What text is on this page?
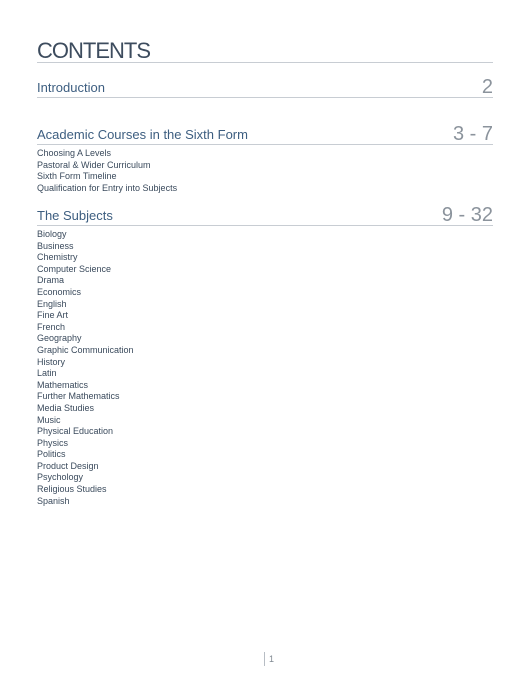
CONTENTS
Introduction	2
Academic Courses in the Sixth Form	3 - 7
Choosing A Levels
Pastoral & Wider Curriculum
Sixth Form Timeline
Qualification for Entry into Subjects
The Subjects	9 - 32
Biology
Business
Chemistry
Computer Science
Drama
Economics
English
Fine Art
French
Geography
Graphic Communication
History
Latin
Mathematics
Further Mathematics
Media Studies
Music
Physical Education
Physics
Politics
Product Design
Psychology
Religious Studies
Spanish
1
